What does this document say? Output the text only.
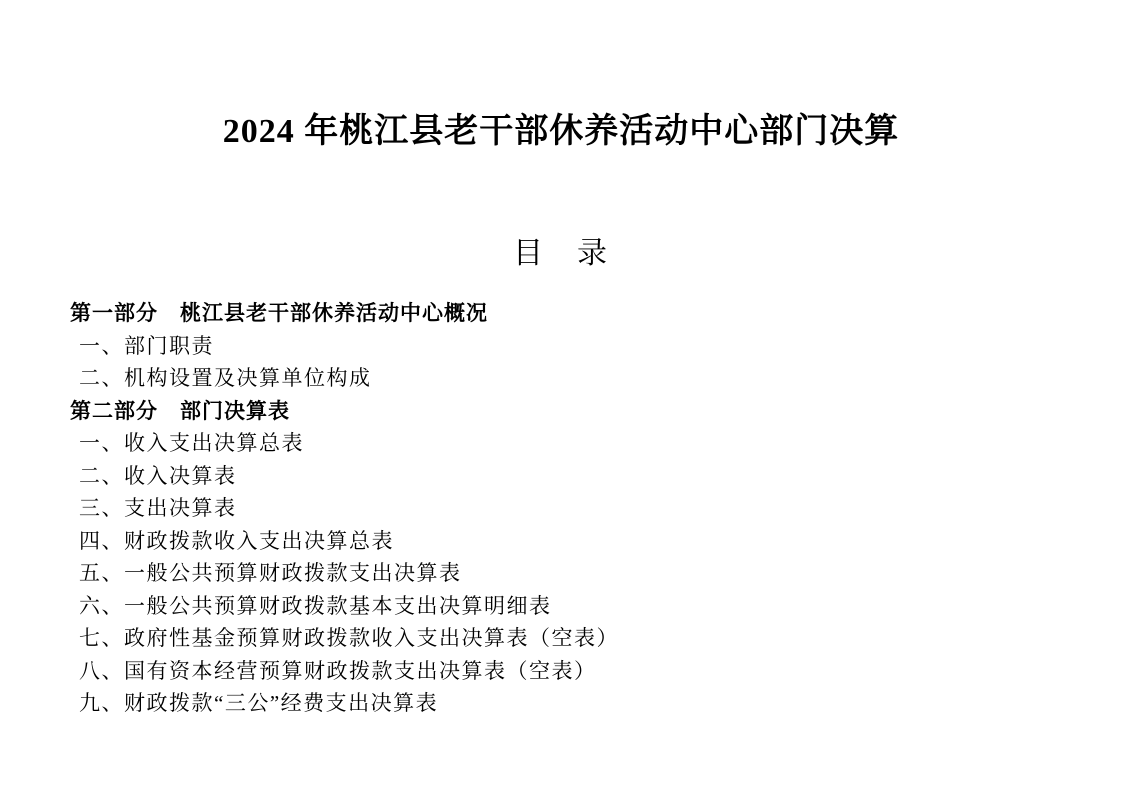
2024 年桃江县老干部休养活动中心部门决算
目　录
第一部分　桃江县老干部休养活动中心概况
一、部门职责
二、机构设置及决算单位构成
第二部分　部门决算表
一、收入支出决算总表
二、收入决算表
三、支出决算表
四、财政拨款收入支出决算总表
五、一般公共预算财政拨款支出决算表
六、一般公共预算财政拨款基本支出决算明细表
七、政府性基金预算财政拨款收入支出决算表（空表）
八、国有资本经营预算财政拨款支出决算表（空表）
九、财政拨款“三公”经费支出决算表
